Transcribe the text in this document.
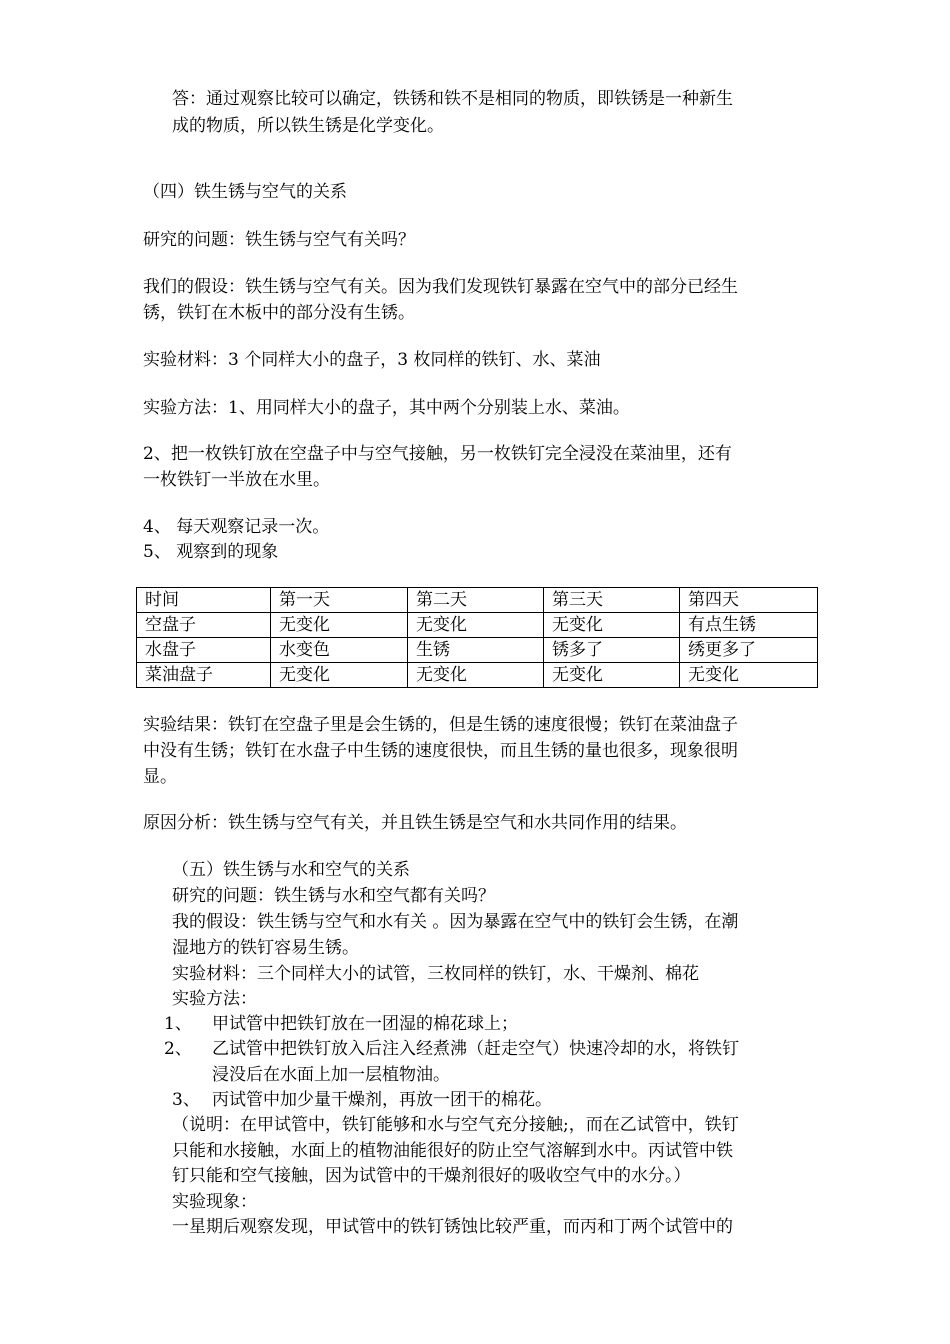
答：通过观察比较可以确定，铁锈和铁不是相同的物质，即铁锈是一种新生

成的物质，所以铁生锈是化学变化。

（四）铁生锈与空气的关系

研究的问题：铁生锈与空气有关吗？

我们的假设：铁生锈与空气有关。因为我们发现铁钉暴露在空气中的部分已经生

锈，铁钉在木板中的部分没有生锈。

实验材料：3 个同样大小的盘子，3 枚同样的铁钉、水、菜油

实验方法：1、用同样大小的盘子，其中两个分别装上水、菜油。

2、把一枚铁钉放在空盘子中与空气接触，另一枚铁钉完全浸没在菜油里，还有

一枚铁钉一半放在水里。

4、 每天观察记录一次。

5、 观察到的现象

时间	第一天	第二天	第三天	第四天
空盘子	无变化	无变化	无变化	有点生锈
水盘子	水变色	生锈	锈多了	绣更多了
菜油盘子	无变化	无变化	无变化	无变化

实验结果：铁钉在空盘子里是会生锈的，但是生锈的速度很慢；铁钉在菜油盘子

中没有生锈；铁钉在水盘子中生锈的速度很快，而且生锈的量也很多，现象很明

显。

原因分析：铁生锈与空气有关，并且铁生锈是空气和水共同作用的结果。

（五）铁生锈与水和空气的关系

研究的问题：铁生锈与水和空气都有关吗？

我的假设：铁生锈与空气和水有关 。因为暴露在空气中的铁钉会生锈，在潮

湿地方的铁钉容易生锈。

实验材料：三个同样大小的试管，三枚同样的铁钉，水、干燥剂、棉花

实验方法：

1、 甲试管中把铁钉放在一团湿的棉花球上；
2、 乙试管中把铁钉放入后注入经煮沸（赶走空气）快速冷却的水，将铁钉
浸没后在水面上加一层植物油。
3、 丙试管中加少量干燥剂，再放一团干的棉花。

（说明：在甲试管中，铁钉能够和水与空气充分接触;，而在乙试管中，铁钉

只能和水接触，水面上的植物油能很好的防止空气溶解到水中。丙试管中铁

钉只能和空气接触，因为试管中的干燥剂很好的吸收空气中的水分。）

实验现象：

一星期后观察发现，甲试管中的铁钉锈蚀比较严重，而丙和丁两个试管中的
